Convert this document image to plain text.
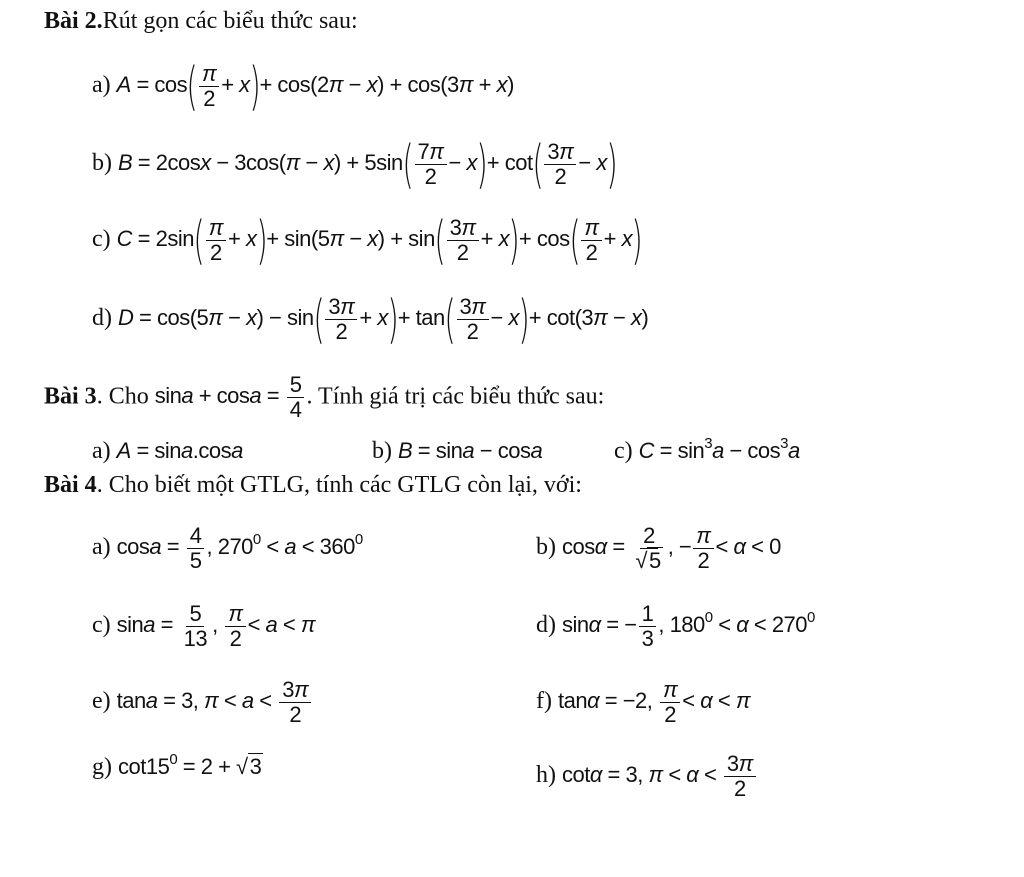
Bài 2.Rút gọn các biểu thức sau:
a) $A = \cos( \frac{\pi}{2} + x)+ \cos(2\pi - x) + \cos(3\pi + x)$
b) $B = 2\cos x - 3\cos(\pi - x) + 5\sin( \frac{7\pi}{2} - x)+ \cot( \frac{3\pi}{2} - x)$
c) $C = 2\sin( \frac{\pi}{2} + x)+ \sin(5\pi - x) + \sin( \frac{3\pi}{2} + x)+ \cos( \frac{\pi}{2} + x)$
d) $D = \cos(5\pi - x) - \sin( \frac{3\pi}{2} + x)+ \tan( \frac{3\pi}{2} - x)+ \cot(3\pi - x)$
Bài 3. Cho $\sin a + \cos a = \frac{5}{4}$ . Tính giá trị các biểu thức sau:
a) A = sina.cosa	b) B = sina − cosa	c) $C = \sin^3a - \cos^3a$
Bài 4. Cho biết một GTLG, tính các GTLG còn lại, với:
a) $\cos a = \frac{4}{5}$ , $270^0 < a < 360^0$	b) $\cos\alpha = \frac{2}{√5}$ , − $\frac{\pi}{2} < \alpha < 0$
c) $\sin a = \frac{5}{13}$ , $\frac{\pi}{2} < a < \pi$	d) sinα = − $\frac{1}{3}$ , $180^0 < \alpha < 270^0$
e) tana = 3, $\pi < a < \frac{3\pi}{2}$	f) tanα = −2, $\frac{\pi}{2} < \alpha < \pi$
g) $\cot 15^0 = 2 + √3$	h) cotα = 3, $\pi < \alpha < \frac{3\pi}{2}$
